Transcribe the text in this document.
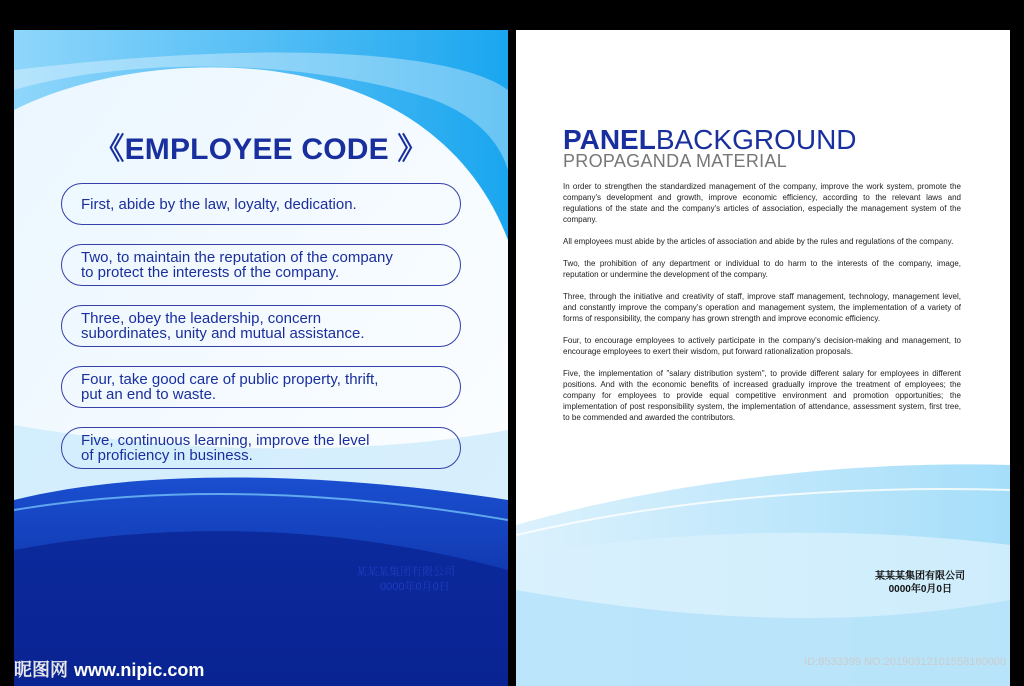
《EMPLOYEE CODE 》
First, abide by the law, loyalty, dedication.
Two, to maintain the reputation of the company
to protect the interests of the company.
Three, obey the leadership, concern
subordinates, unity and mutual assistance.
Four, take good care of public property, thrift,
put an end to waste.
Five, continuous learning, improve the level
of proficiency in business.
某某某集团有限公司
0000年0月0日
PANELBACKGROUND
PROPAGANDA MATERIAL

In order to strengthen the standardized management of the company, improve the work system, promote the company's development and growth, improve economic efficiency, according to the relevant laws and regulations of the state and the company's articles of association, especially the management system of the company.

All employees must abide by the articles of association and abide by the rules and regulations of the company.

Two, the prohibition of any department or individual to do harm to the interests of the company, image, reputation or undermine the development of the company.

Three, through the initiative and creativity of staff, improve staff management, technology, management level, and constantly improve the company's operation and management system, the implementation of a variety of forms of responsibility, the company has grown strength and improve economic efficiency.

Four, to encourage employees to actively participate in the company's decision-making and management, to encourage employees to exert their wisdom, put forward rationalization proposals.

Five, the implementation of "salary distribution system", to provide different salary for employees in different positions. And with the economic benefits of increased gradually improve the treatment of employees; the company for employees to provide equal competitive environment and promotion opportunities; the implementation of post responsibility system, the implementation of attendance, assessment system, first tree, to be commended and awarded the contributors.

某某某集团有限公司
0000年0月0日
昵图网 www.nipic.com	ID:8533399 NO:20190312101558160000
